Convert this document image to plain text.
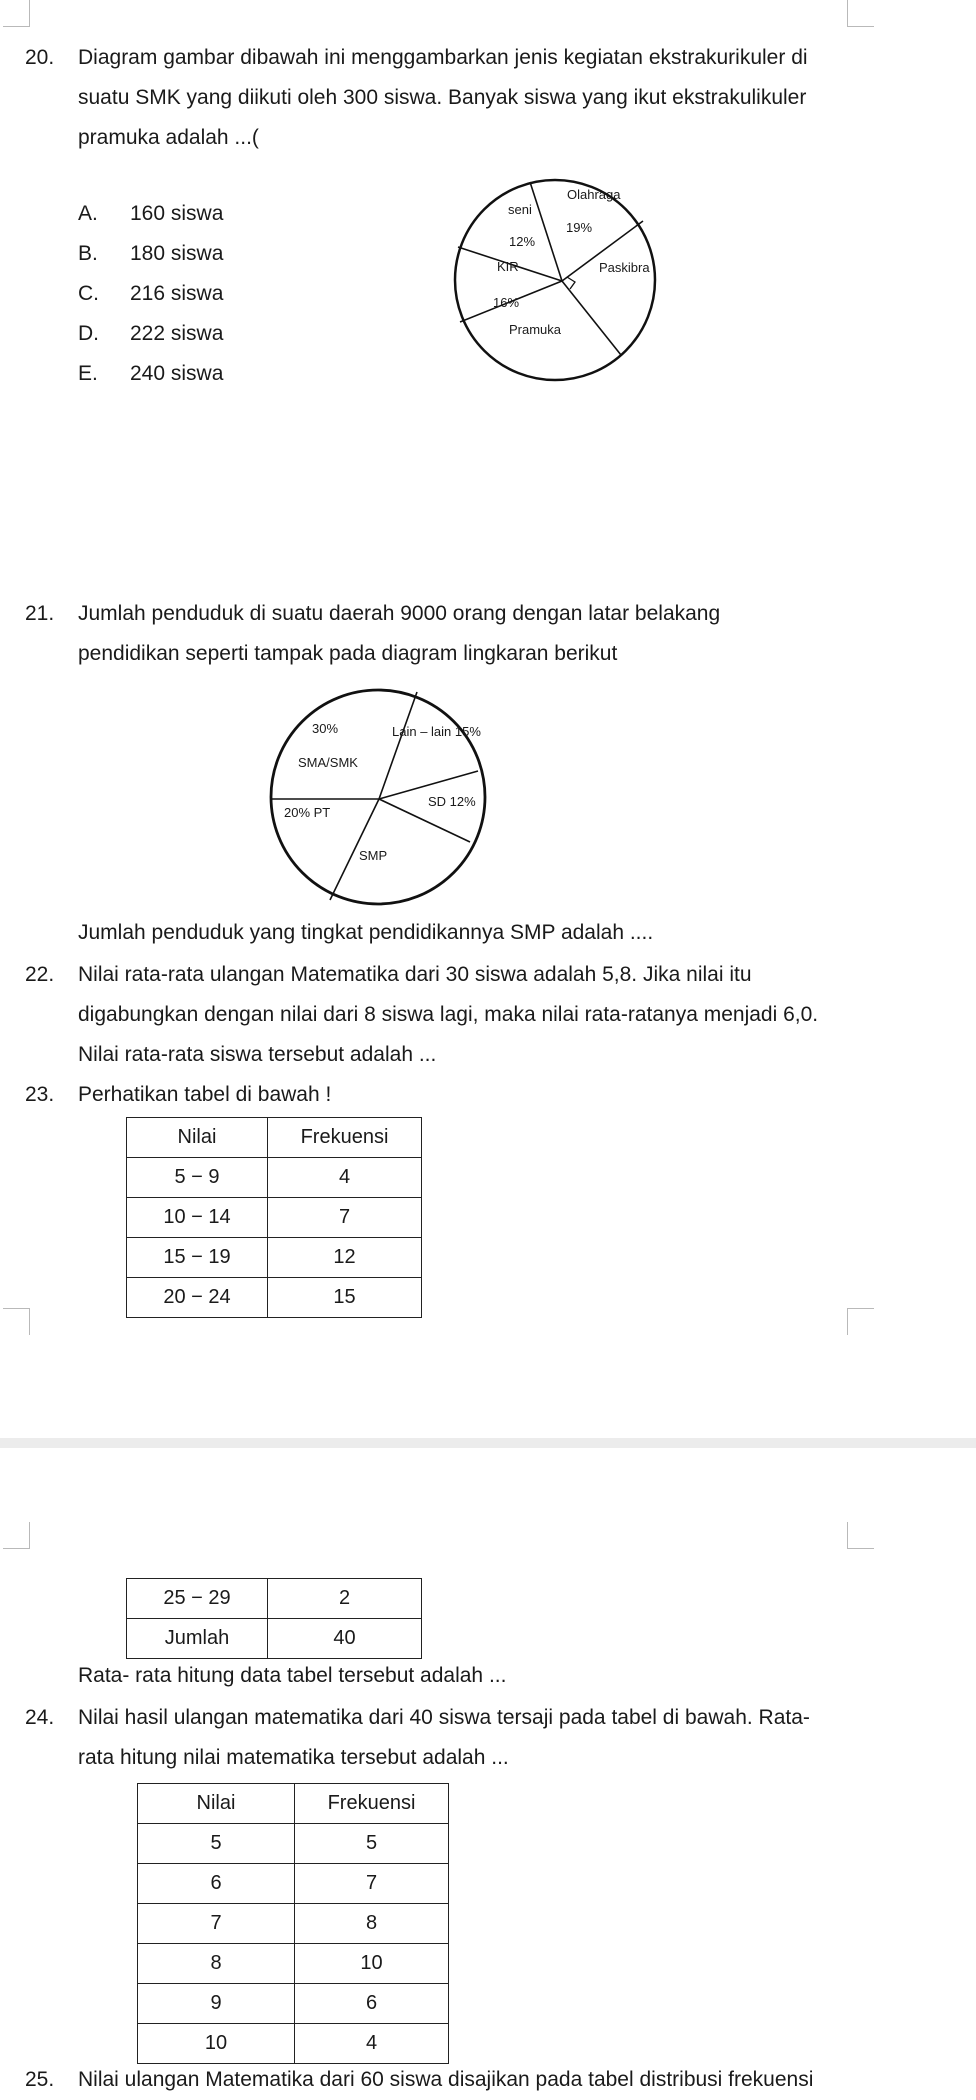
20. Diagram gambar dibawah ini menggambarkan jenis kegiatan ekstrakurikuler di
suatu SMK yang diikuti oleh 300 siswa. Banyak siswa yang ikut ekstrakulikuler
pramuka adalah ...(
A. 160 siswa
B. 180 siswa
C. 216 siswa
D. 222 siswa
E. 240 siswa
Olahraga
19%
Paskibra
Pramuka
KIR
16%
seni
12%
21. Jumlah penduduk di suatu daerah 9000 orang dengan latar belakang
pendidikan seperti tampak pada diagram lingkaran berikut
30%
SMA/SMK
Lain – lain 15%
SD 12%
SMP
20% PT
Jumlah penduduk yang tingkat pendidikannya SMP adalah ....
22. Nilai rata-rata ulangan Matematika dari 30 siswa adalah 5,8. Jika nilai itu
digabungkan dengan nilai dari 8 siswa lagi, maka nilai rata-ratanya menjadi 6,0.
Nilai rata-rata siswa tersebut adalah ...
23. Perhatikan tabel di bawah !
Nilai	Frekuensi
5 − 9	4
10 − 14	7
15 − 19	12
20 − 24	15
25 − 29	2
Jumlah	40
Rata- rata hitung data tabel tersebut adalah ...
24. Nilai hasil ulangan matematika dari 40 siswa tersaji pada tabel di bawah. Rata-
rata hitung nilai matematika tersebut adalah ...
Nilai	Frekuensi
5	5
6	7
7	8
8	10
9	6
10	4
25. Nilai ulangan Matematika dari 60 siswa disajikan pada tabel distribusi frekuensi
